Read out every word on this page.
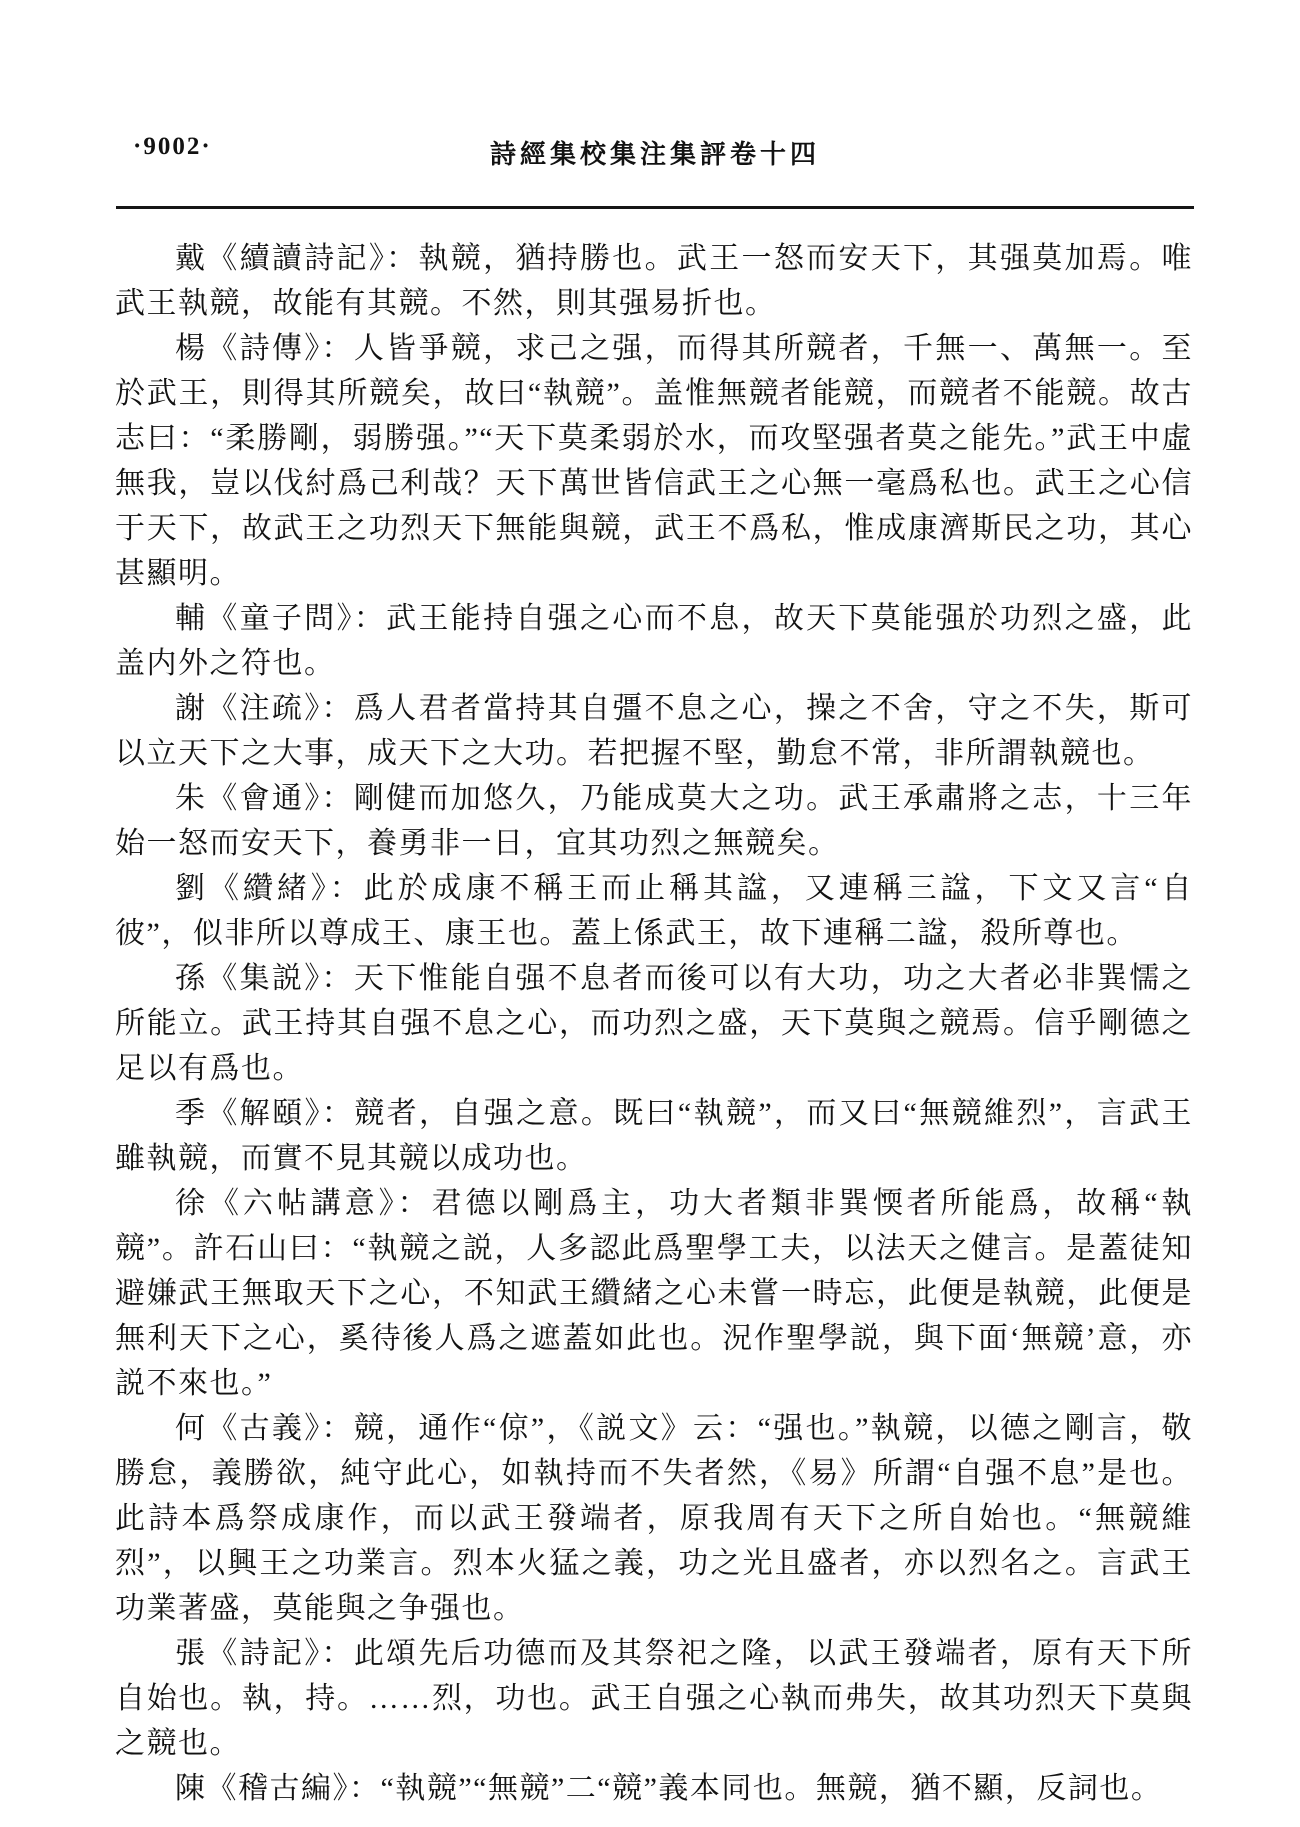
·9002·	詩經集校集注集評卷十四

戴《續讀詩記》：執競，猶持勝也。武王一怒而安天下，其强莫加焉。唯武王執競，故能有其競。不然，則其强易折也。

楊《詩傳》：人皆爭競，求己之强，而得其所競者，千無一、萬無一。至於武王，則得其所競矣，故曰“執競”。盖惟無競者能競，而競者不能競。故古志曰：“柔勝剛，弱勝强。”“天下莫柔弱於水，而攻堅强者莫之能先。”武王中虛無我，豈以伐紂爲己利哉？天下萬世皆信武王之心無一毫爲私也。武王之心信于天下，故武王之功烈天下無能與競，武王不爲私，惟成康濟斯民之功，其心甚顯明。

輔《童子問》：武王能持自强之心而不息，故天下莫能强於功烈之盛，此盖内外之符也。

謝《注疏》：爲人君者當持其自彊不息之心，操之不舍，守之不失，斯可以立天下之大事，成天下之大功。若把握不堅，勤怠不常，非所謂執競也。

朱《會通》：剛健而加悠久，乃能成莫大之功。武王承肅將之志，十三年始一怒而安天下，養勇非一日，宜其功烈之無競矣。

劉《纘緒》：此於成康不稱王而止稱其諡，又連稱三諡，下文又言“自彼”，似非所以尊成王、康王也。蓋上係武王，故下連稱二諡，殺所尊也。

孫《集説》：天下惟能自强不息者而後可以有大功，功之大者必非巽懦之所能立。武王持其自强不息之心，而功烈之盛，天下莫與之競焉。信乎剛德之足以有爲也。

季《解頤》：競者，自强之意。既曰“執競”，而又曰“無競維烈”，言武王雖執競，而實不見其競以成功也。

徐《六帖講意》：君德以剛爲主，功大者類非巽愞者所能爲，故稱“執競”。許石山曰：“執競之説，人多認此爲聖學工夫，以法天之健言。是蓋徒知避嫌武王無取天下之心，不知武王纘緒之心未嘗一時忘，此便是執競，此便是無利天下之心，奚待後人爲之遮蓋如此也。況作聖學説，與下面‘無競’意，亦説不來也。”

何《古義》：競，通作“倞”，《説文》云：“强也。”執競，以德之剛言，敬勝怠，義勝欲，純守此心，如執持而不失者然，《易》所謂“自强不息”是也。此詩本爲祭成康作，而以武王發端者，原我周有天下之所自始也。“無競維烈”，以興王之功業言。烈本火猛之義，功之光且盛者，亦以烈名之。言武王功業著盛，莫能與之争强也。

張《詩記》：此頌先后功德而及其祭祀之隆，以武王發端者，原有天下所自始也。執，持。……烈，功也。武王自强之心執而弗失，故其功烈天下莫與之競也。

陳《稽古編》：“執競”“無競”二“競”義本同也。無競，猶不顯，反詞也。
